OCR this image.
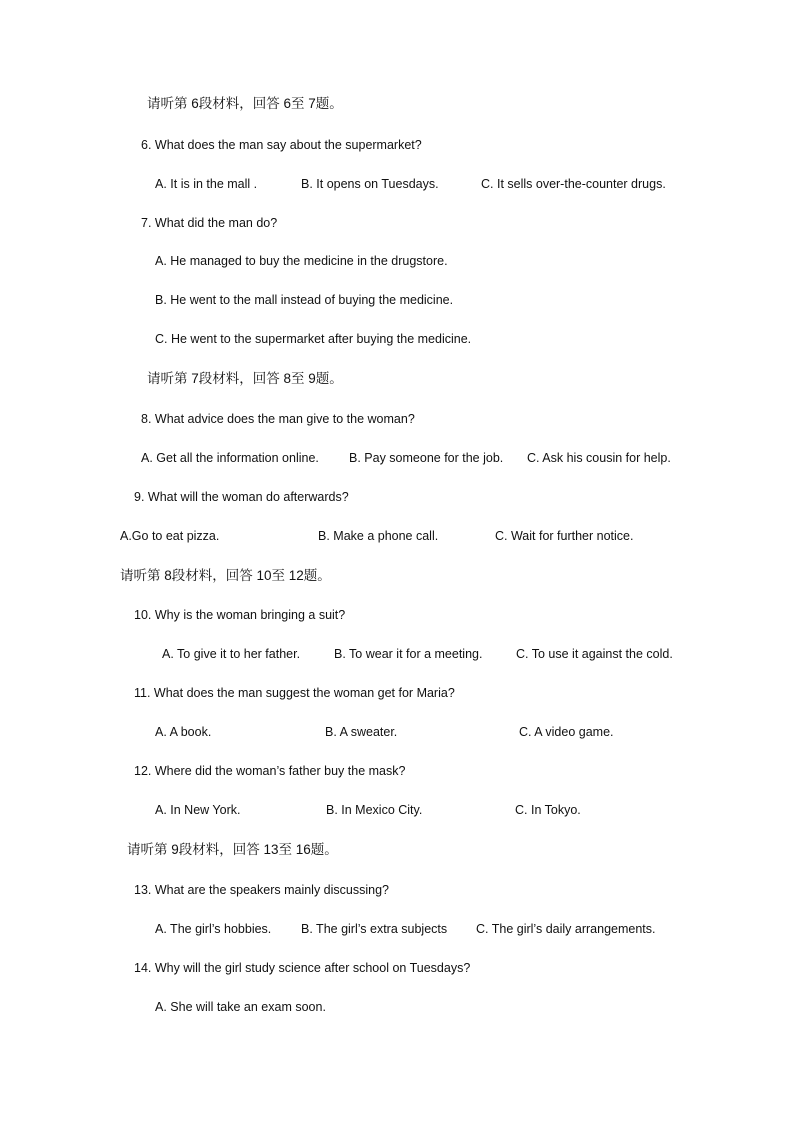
请听第 6段材料，回答 6至 7题。
6. What does the man say about the supermarket?
A. It is in the mall .	B. It opens on Tuesdays.	C. It sells over-the-counter drugs.
7. What did the man do?
A. He managed to buy the medicine in the drugstore.
B. He went to the mall instead of buying the medicine.
C. He went to the supermarket after buying the medicine.
请听第 7段材料，回答 8至 9题。
8. What advice does the man give to the woman?
A. Get all the information online. B. Pay someone for the job. C. Ask his cousin for help.
9. What will the woman do afterwards?
A.Go to eat pizza.	B. Make a phone call.	C. Wait for further notice.
请听第 8段材料，回答 10至 12题。
10. Why is the woman bringing a suit?
A. To give it to her father.	B. To wear it for a meeting.	C. To use it against the cold.
11. What does the man suggest the woman get for Maria?
A. A book.	B. A sweater.	C. A video game.
12. Where did the woman’s father buy the mask?
A. In New York.	B. In Mexico City.	C. In Tokyo.
请听第 9段材料，回答 13至 16题。
13. What are the speakers mainly discussing?
A. The girl’s hobbies. B. The girl’s extra subjects C. The girl’s daily arrangements.
14. Why will the girl study science after school on Tuesdays?
A. She will take an exam soon.
